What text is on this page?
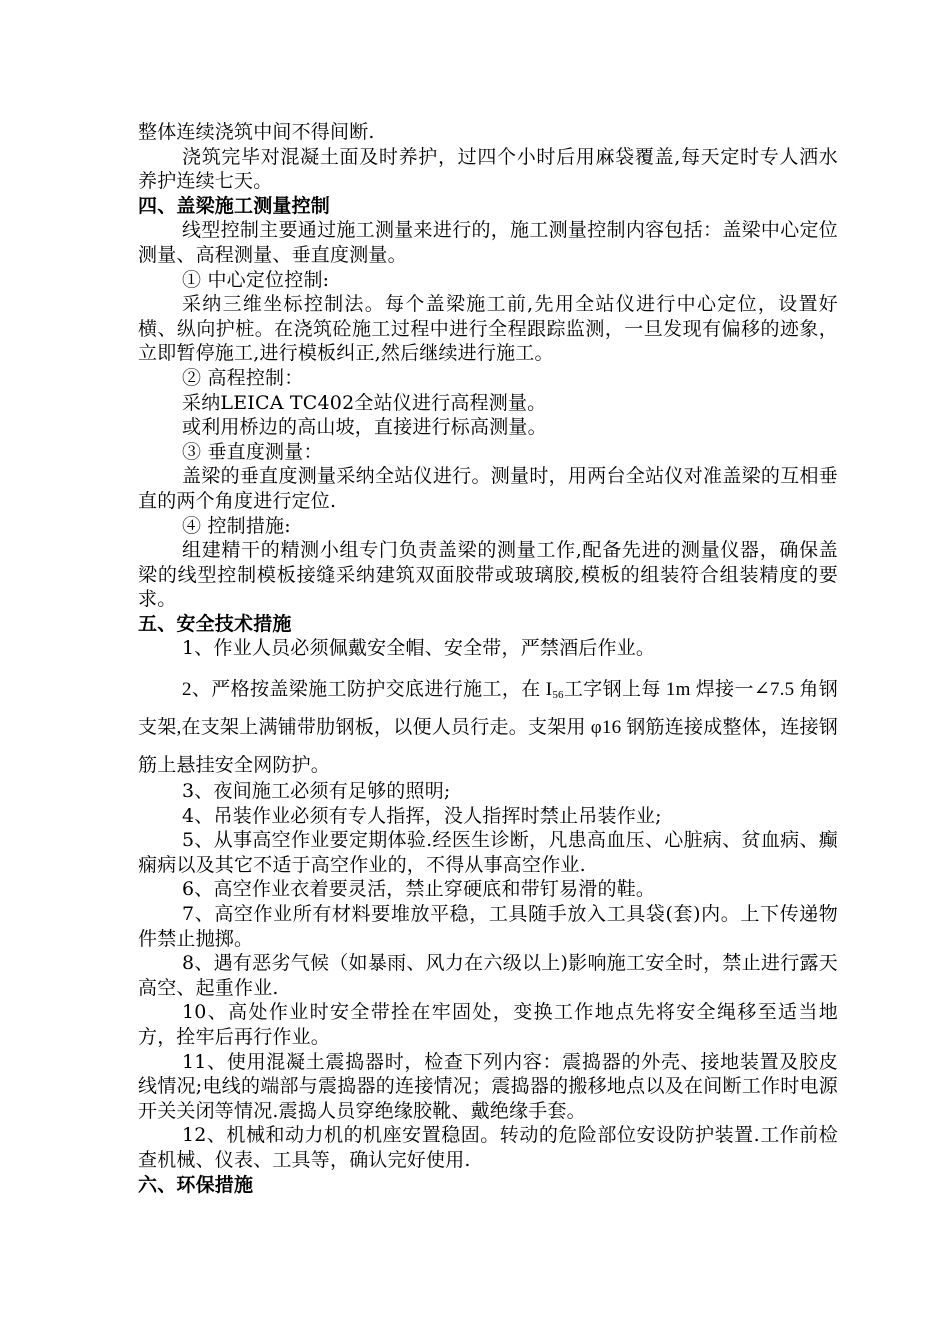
整体连续浇筑中间不得间断.

浇筑完毕对混凝土面及时养护，过四个小时后用麻袋覆盖,每天定时专人洒水养护连续七天。

四、盖梁施工测量控制

线型控制主要通过施工测量来进行的，施工测量控制内容包括：盖梁中心定位测量、高程测量、垂直度测量。

① 中心定位控制:

采纳三维坐标控制法。每个盖梁施工前,先用全站仪进行中心定位，设置好横、纵向护桩。在浇筑砼施工过程中进行全程跟踪监测，一旦发现有偏移的迹象，立即暂停施工,进行模板纠正,然后继续进行施工。

② 高程控制：

采纳LEICA TC402全站仪进行高程测量。

或利用桥边的高山坡，直接进行标高测量。

③ 垂直度测量：

盖梁的垂直度测量采纳全站仪进行。测量时，用两台全站仪对准盖梁的互相垂直的两个角度进行定位.

④ 控制措施:

组建精干的精测小组专门负责盖梁的测量工作,配备先进的测量仪器，确保盖梁的线型控制模板接缝采纳建筑双面胶带或玻璃胶,模板的组装符合组装精度的要求。

五、安全技术措施

1、作业人员必须佩戴安全帽、安全带，严禁酒后作业。

2、严格按盖梁施工防护交底进行施工，在 $I_{56}$工字钢上每 1m 焊接一∠7.5 角钢支架,在支架上满铺带肋钢板，以便人员行走。支架用 φ16 钢筋连接成整体，连接钢筋上悬挂安全网防护。

3、夜间施工必须有足够的照明;

4、吊装作业必须有专人指挥，没人指挥时禁止吊装作业;

5、从事高空作业要定期体验.经医生诊断，凡患高血压、心脏病、贫血病、癫痫病以及其它不适于高空作业的，不得从事高空作业.

6、高空作业衣着要灵活，禁止穿硬底和带钉易滑的鞋。

7、高空作业所有材料要堆放平稳，工具随手放入工具袋(套)内。上下传递物件禁止抛掷。

8、遇有恶劣气候（如暴雨、风力在六级以上)影响施工安全时，禁止进行露天高空、起重作业.

10、高处作业时安全带拴在牢固处，变换工作地点先将安全绳移至适当地方，拴牢后再行作业。

11、使用混凝土震捣器时，检查下列内容：震捣器的外壳、接地装置及胶皮线情况;电线的端部与震捣器的连接情况；震捣器的搬移地点以及在间断工作时电源开关关闭等情况.震捣人员穿绝缘胶靴、戴绝缘手套。

12、机械和动力机的机座安置稳固。转动的危险部位安设防护装置.工作前检查机械、仪表、工具等，确认完好使用.

六、环保措施
